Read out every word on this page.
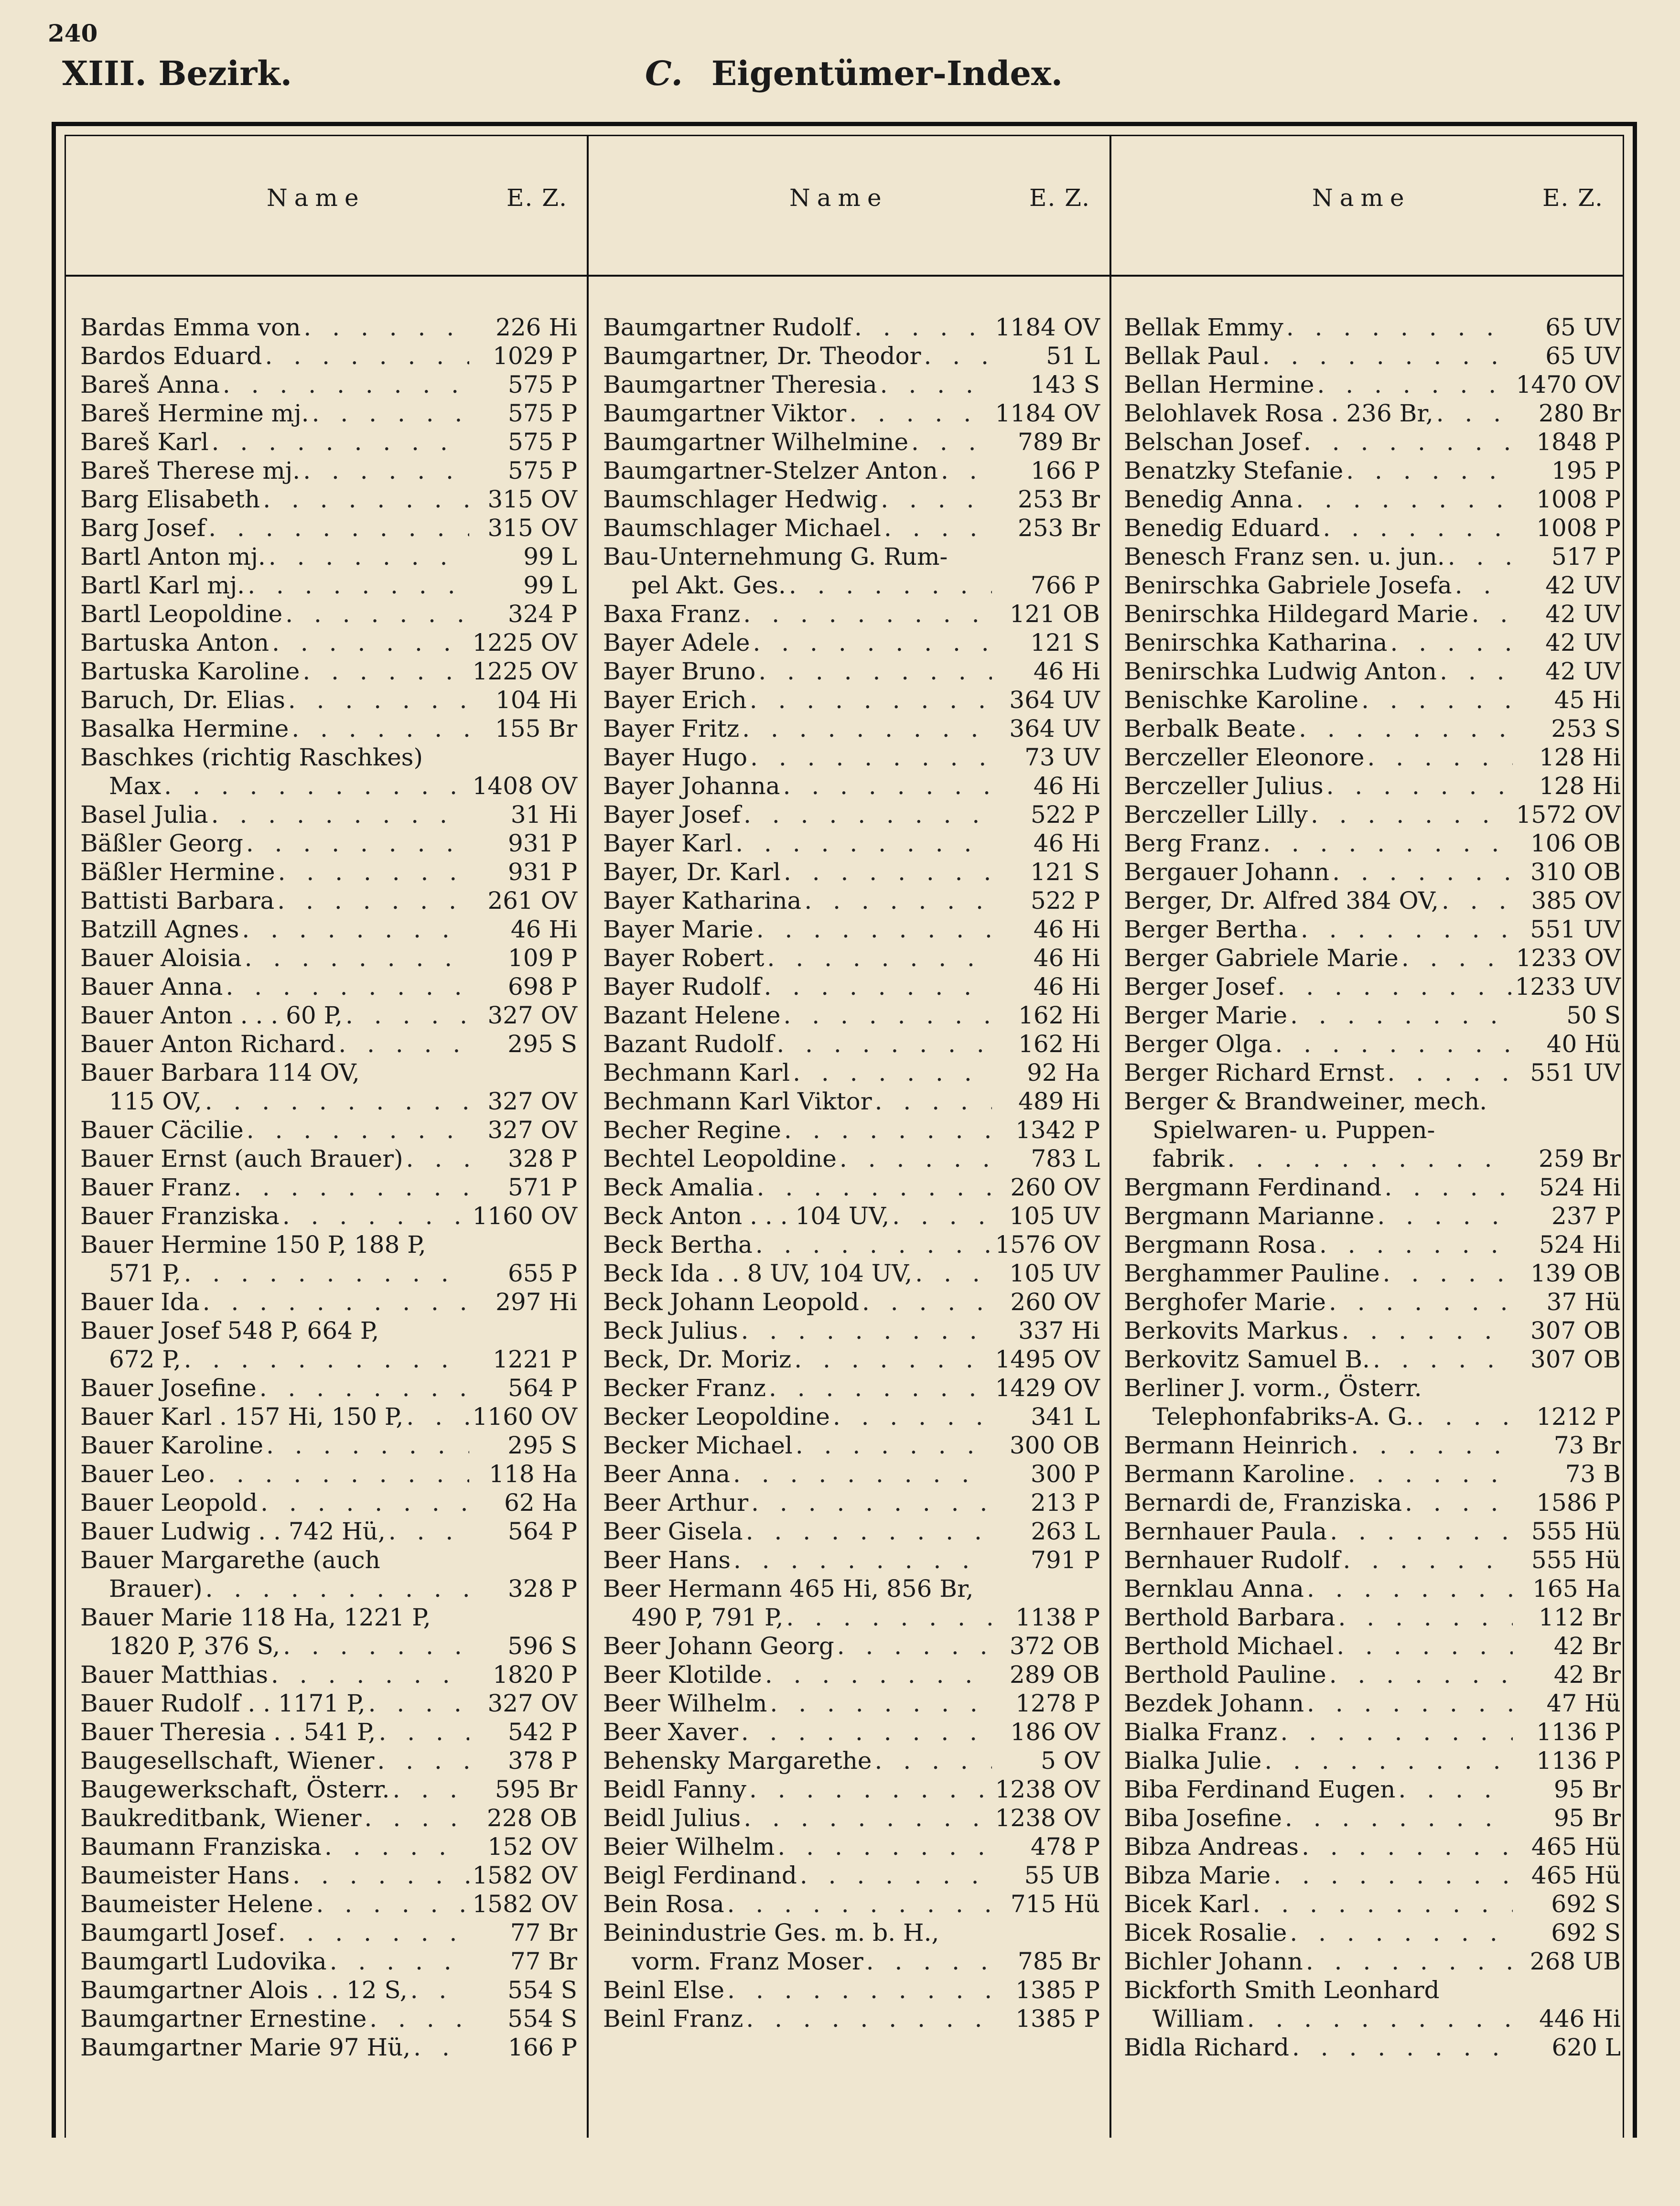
240
XIII. Bezirk.	C. Eigentümer-Index.
Name	E. Z.	Name	E. Z.	Name	E. Z.
Bardas Emma von . . .	226 Hi
Bardos Eduard . . .	1029 P
Bareš Anna . . .	575 P
Bareš Hermine mj. . . .	575 P
Bareš Karl . . .	575 P
Bareš Therese mj. . . .	575 P
Barg Elisabeth . . .	315 OV
Barg Josef . . .	315 OV
Bartl Anton mj. . . .	99 L
Bartl Karl mj. . . .	99 L
Bartl Leopoldine . . .	324 P
Bartuska Anton . . .	1225 OV
Bartuska Karoline . . .	1225 OV
Baruch, Dr. Elias . . .	104 Hi
Basalka Hermine . . .	155 Br
Baschkes (richtig Raschkes)
Max . . .	1408 OV
Basel Julia . . .	31 Hi
Bäßler Georg . . .	931 P
Bäßler Hermine . . .	931 P
Battisti Barbara . . .	261 OV
Batzill Agnes . . .	46 Hi
Bauer Aloisia . . .	109 P
Bauer Anna . . .	698 P
Bauer Anton . . . 60 P, . . .	327 OV
Bauer Anton Richard . . .	295 S
Bauer Barbara 114 OV,
115 OV, . . .	327 OV
Bauer Cäcilie . . .	327 OV
Bauer Ernst (auch Brauer) . . .	328 P
Bauer Franz . . .	571 P
Bauer Franziska . . .	1160 OV
Bauer Hermine 150 P, 188 P,
571 P, . . .	655 P
Bauer Ida . . .	297 Hi
Bauer Josef 548 P, 664 P,
672 P, . . .	1221 P
Bauer Josefine . . .	564 P
Bauer Karl . 157 Hi, 150 P, . . .	1160 OV
Bauer Karoline . . .	295 S
Bauer Leo . . .	118 Ha
Bauer Leopold . . .	62 Ha
Bauer Ludwig . . 742 Hü, . . .	564 P
Bauer Margarethe (auch
Brauer) . . .	328 P
Bauer Marie 118 Ha, 1221 P,
1820 P, 376 S, . . .	596 S
Bauer Matthias . . .	1820 P
Bauer Rudolf . . 1171 P, . . .	327 OV
Bauer Theresia . . 541 P, . . .	542 P
Baugesellschaft, Wiener . . .	378 P
Baugewerkschaft, Österr. . . .	595 Br
Baukreditbank, Wiener . . .	228 OB
Baumann Franziska . . .	152 OV
Baumeister Hans . . .	1582 OV
Baumeister Helene . . .	1582 OV
Baumgartl Josef . . .	77 Br
Baumgartl Ludovika . . .	77 Br
Baumgartner Alois . . 12 S, . . .	554 S
Baumgartner Ernestine . . .	554 S
Baumgartner Marie 97 Hü, . . .	166 P
Baumgartner Rudolf . . .	1184 OV
Baumgartner, Dr. Theodor . . .	51 L
Baumgartner Theresia . . .	143 S
Baumgartner Viktor . . .	1184 OV
Baumgartner Wilhelmine . . .	789 Br
Baumgartner-Stelzer Anton . . .	166 P
Baumschlager Hedwig . . .	253 Br
Baumschlager Michael . . .	253 Br
Bau-Unternehmung G. Rum-
pel Akt. Ges. . . .	766 P
Baxa Franz . . .	121 OB
Bayer Adele . . .	121 S
Bayer Bruno . . .	46 Hi
Bayer Erich . . .	364 UV
Bayer Fritz . . .	364 UV
Bayer Hugo . . .	73 UV
Bayer Johanna . . .	46 Hi
Bayer Josef . . .	522 P
Bayer Karl . . .	46 Hi
Bayer, Dr. Karl . . .	121 S
Bayer Katharina . . .	522 P
Bayer Marie . . .	46 Hi
Bayer Robert . . .	46 Hi
Bayer Rudolf . . .	46 Hi
Bazant Helene . . .	162 Hi
Bazant Rudolf . . .	162 Hi
Bechmann Karl . . .	92 Ha
Bechmann Karl Viktor . . .	489 Hi
Becher Regine . . .	1342 P
Bechtel Leopoldine . . .	783 L
Beck Amalia . . .	260 OV
Beck Anton . . . 104 UV, . . .	105 UV
Beck Bertha . . .	1576 OV
Beck Ida . . 8 UV, 104 UV, . . .	105 UV
Beck Johann Leopold . . .	260 OV
Beck Julius . . .	337 Hi
Beck, Dr. Moriz . . .	1495 OV
Becker Franz . . .	1429 OV
Becker Leopoldine . . .	341 L
Becker Michael . . .	300 OB
Beer Anna . . .	300 P
Beer Arthur . . .	213 P
Beer Gisela . . .	263 L
Beer Hans . . .	791 P
Beer Hermann 465 Hi, 856 Br,
490 P, 791 P, . . .	1138 P
Beer Johann Georg . . .	372 OB
Beer Klotilde . . .	289 OB
Beer Wilhelm . . .	1278 P
Beer Xaver . . .	186 OV
Behensky Margarethe . . .	5 OV
Beidl Fanny . . .	1238 OV
Beidl Julius . . .	1238 OV
Beier Wilhelm . . .	478 P
Beigl Ferdinand . . .	55 UB
Bein Rosa . . .	715 Hü
Beinindustrie Ges. m. b. H.,
vorm. Franz Moser . . .	785 Br
Beinl Else . . .	1385 P
Beinl Franz . . .	1385 P
Bellak Emmy . . .	65 UV
Bellak Paul . . .	65 UV
Bellan Hermine . . .	1470 OV
Belohlavek Rosa . 236 Br, . . .	280 Br
Belschan Josef . . .	1848 P
Benatzky Stefanie . . .	195 P
Benedig Anna . . .	1008 P
Benedig Eduard . . .	1008 P
Benesch Franz sen. u. jun. . . .	517 P
Benirschka Gabriele Josefa . . .	42 UV
Benirschka Hildegard Marie . . .	42 UV
Benirschka Katharina . . .	42 UV
Benirschka Ludwig Anton . . .	42 UV
Benischke Karoline . . .	45 Hi
Berbalk Beate . . .	253 S
Berczeller Eleonore . . .	128 Hi
Berczeller Julius . . .	128 Hi
Berczeller Lilly . . .	1572 OV
Berg Franz . . .	106 OB
Bergauer Johann . . .	310 OB
Berger, Dr. Alfred 384 OV, . . .	385 OV
Berger Bertha . . .	551 UV
Berger Gabriele Marie . . .	1233 OV
Berger Josef . . .	1233 UV
Berger Marie . . .	50 S
Berger Olga . . .	40 Hü
Berger Richard Ernst . . .	551 UV
Berger & Brandweiner, mech.
Spielwaren- u. Puppen-
fabrik . . .	259 Br
Bergmann Ferdinand . . .	524 Hi
Bergmann Marianne . . .	237 P
Bergmann Rosa . . .	524 Hi
Berghammer Pauline . . .	139 OB
Berghofer Marie . . .	37 Hü
Berkovits Markus . . .	307 OB
Berkovitz Samuel B. . . .	307 OB
Berliner J. vorm., Österr.
Telephonfabriks-A. G. . . .	1212 P
Bermann Heinrich . . .	73 Br
Bermann Karoline . . .	73 B
Bernardi de, Franziska . . .	1586 P
Bernhauer Paula . . .	555 Hü
Bernhauer Rudolf . . .	555 Hü
Bernklau Anna . . .	165 Ha
Berthold Barbara . . .	112 Br
Berthold Michael . . .	42 Br
Berthold Pauline . . .	42 Br
Bezdek Johann . . .	47 Hü
Bialka Franz . . .	1136 P
Bialka Julie . . .	1136 P
Biba Ferdinand Eugen . . .	95 Br
Biba Josefine . . .	95 Br
Bibza Andreas . . .	465 Hü
Bibza Marie . . .	465 Hü
Bicek Karl . . .	692 S
Bicek Rosalie . . .	692 S
Bichler Johann . . .	268 UB
Bickforth Smith Leonhard
William . . .	446 Hi
Bidla Richard . . .	620 L
